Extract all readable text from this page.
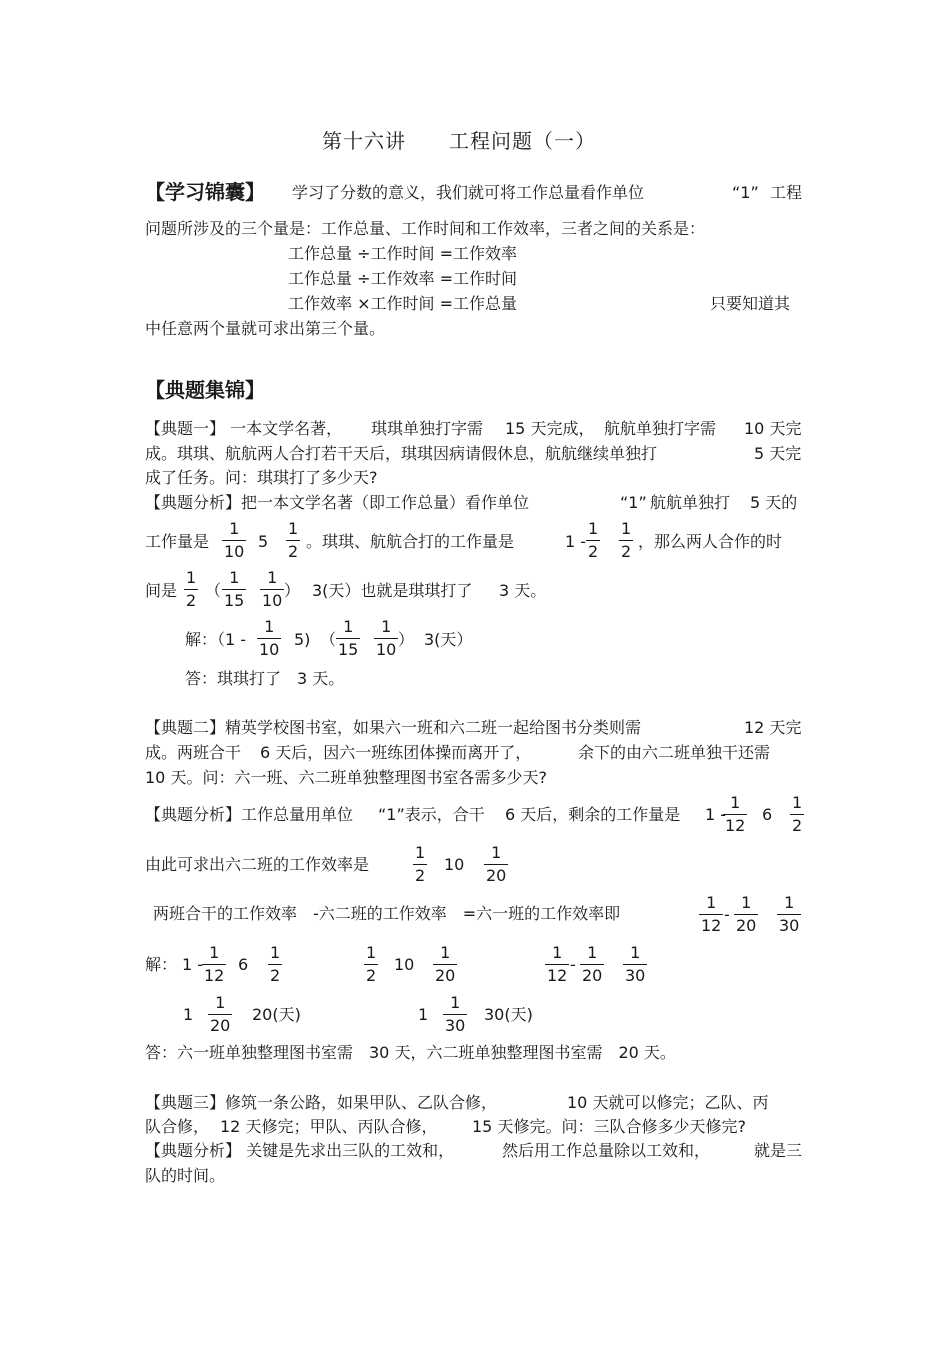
第十六讲 工程问题（一）
【学习锦囊】 学习了分数的意义，我们就可将工作总量看作单位	“1” 工程
问题所涉及的三个量是：工作总量、工作时间和工作效率，三者之间的关系是：
工作总量 ÷工作时间 =工作效率
工作总量 ÷工作效率 =工作时间
工作效率 ×工作时间 =工作总量	只要知道其
中任意两个量就可求出第三个量。
【典题集锦】
【典题一】 一本文学名著， 琪琪单独打字需 15 天完成， 航航单独打字需 10 天完
成。琪琪、航航两人合打若干天后，琪琪因病请假休息，航航继续单独打	5 天完
成了任务。问：琪琪打了多少天?
【典题分析】把一本文学名著（即工作总量）看作单位	“1” 航航单独打 5 天的
工作量是
1
10
5
1
2
。琪琪、航航合打的工作量是	1 -
1
2
1
2
，那么两人合作的时
间是
1
2
（
1
15
1
10
） 3(天）也就是琪琪打了 3 天。
解：（1 -
1
10
5) （
1
15
1
10
） 3(天）
答：琪琪打了　3 天。
【典题二】精英学校图书室，如果六一班和六二班一起给图书分类则需	12 天完
成。两班合干 6 天后，因六一班练团体操而离开了，	余下的由六二班单独干还需
10 天。问：六一班、六二班单独整理图书室各需多少天?
【典题分析】工作总量用单位 “1”表示，合干 6 天后，剩余的工作量是 1 -
1
12
6
1
2
由此可求出六二班的工作效率是
1
2
10
1
20
两班合干的工作效率　-六二班的工作效率　=六一班的工作效率即
1
12
-
1
20
1
30
解： 1 -
1
12
6
1
2
1
2
10
1
20
1
12
-
1
20
1
30
1
1
20
20(天)	1
1
30
30(天)
答：六一班单独整理图书室需　30 天，六二班单独整理图书室需　20 天。
【典题三】修筑一条公路，如果甲队、乙队合修，	10 天就可以修完；乙队、丙
队合修， 12 天修完；甲队、丙队合修， 15 天修完。问：三队合修多少天修完?
【典题分析】 关键是先求出三队的工效和，	然后用工作总量除以工效和，	就是三
队的时间。
